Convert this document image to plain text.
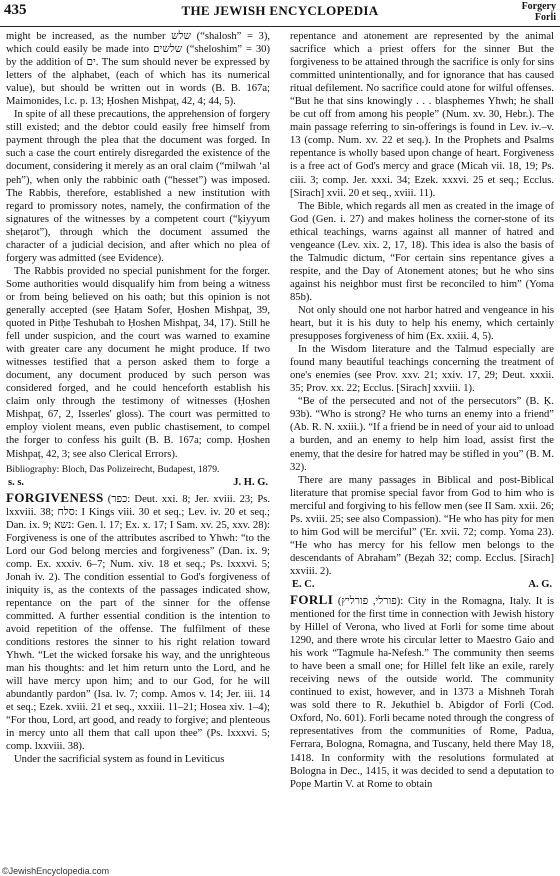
435	THE JEWISH ENCYCLOPEDIA	Forgery
Forli

might be increased, as the number שלש (“shalosh” = 3), which could easily be made into שלשים (“sheloshim” = 30) by the addition of ים. The sum should never be expressed by letters of the alphabet, (each of which has its numerical value), but should be written out in words (B. B. 167a; Maimonides, l.c. p. 13; Ḥoshen Mishpaṭ, 42, 4; 44, 5).

In spite of all these precautions, the apprehension of forgery still existed; and the debtor could easily free himself from payment through the plea that the document was forged. In such a case the court entirely disregarded the existence of the document, considering it merely as an oral claim (“milwah ‘al peh”), when only the rabbinic oath (“hesset”) was imposed. The Rabbis, therefore, established a new institution with regard to promissory notes, namely, the confirmation of the signatures of the witnesses by a competent court (“ḳiyyum sheṭarot”), through which the document assumed the character of a judicial decision, and after which no plea of forgery was admitted (see Evidence).

The Rabbis provided no special punishment for the forger. Some authorities would disqualify him from being a witness or from being believed on his oath; but this opinion is not generally accepted (see Ḥatam Sofer, Ḥoshen Mishpaṭ, 39, quoted in Pitḥe Teshubah to Ḥoshen Mishpaṭ, 34, 17). Still he fell under suspicion, and the court was warned to examine with greater care any document he might produce. If two witnesses testified that a person asked them to forge a document, any document produced by such person was considered forged, and he could henceforth establish his claim only through the testimony of witnesses (Ḥoshen Mishpaṭ, 67, 2, Isserles' gloss). The court was permitted to employ violent means, even public chastisement, to compel the forger to confess his guilt (B. B. 167a; comp. Ḥoshen Mishpaṭ, 42, 3; see also Clerical Errors).

Bibliography: Bloch, Das Polizeirecht, Budapest, 1879.

s. s.	J. H. G.

FORGIVENESS (כפר: Deut. xxi. 8; Jer. xviii. 23; Ps. lxxviii. 38; סלח: I Kings viii. 30 et seq.; Lev. iv. 20 et seq.; Dan. ix. 9; נשא: Gen. l. 17; Ex. x. 17; I Sam. xv. 25, xxv. 28): Forgiveness is one of the attributes ascribed to Yhwh: “to the Lord our God belong mercies and forgiveness” (Dan. ix. 9; comp. Ex. xxxiv. 6–7; Num. xiv. 18 et seq.; Ps. lxxxvi. 5; Jonah iv. 2). The condition essential to God's forgiveness of iniquity is, as the contexts of the passages indicated show, repentance on the part of the sinner for the offense committed. A further essential condition is the intention to avoid repetition of the offense. The fulfilment of these conditions restores the sinner to his right relation toward Yhwh. “Let the wicked forsake his way, and the unrighteous man his thoughts: and let him return unto the Lord, and he will have mercy upon him; and to our God, for he will abundantly pardon” (Isa. lv. 7; comp. Amos v. 14; Jer. iii. 14 et seq.; Ezek. xviii. 21 et seq., xxxiii. 11–21; Hosea xiv. 1–4); “For thou, Lord, art good, and ready to forgive; and plenteous in mercy unto all them that call upon thee” (Ps. lxxxvi. 5; comp. lxxviii. 38).

Under the sacrificial system as found in Leviticus

repentance and atonement are represented by the animal sacrifice which a priest offers for the sinner But the forgiveness to be attained through the sacrifice is only for sins committed unintentionally, and for ignorance that has caused ritual defilement. No sacrifice could atone for wilful offenses. “But he that sins knowingly . . . blasphemes Yhwh; he shall be cut off from among his people” (Num. xv. 30, Hebr.). The main passage referring to sin-offerings is found in Lev. iv.–v. 13 (comp. Num. xv. 22 et seq.). In the Prophets and Psalms repentance is wholly based upon change of heart. Forgiveness is a free act of God's mercy and grace (Micah vii. 18, 19; Ps. ciii. 3; comp. Jer. xxxi. 34; Ezek. xxxvi. 25 et seq.; Ecclus. [Sirach] xvii. 20 et seq., xviii. 11).

The Bible, which regards all men as created in the image of God (Gen. i. 27) and makes holiness the corner-stone of its ethical teachings, warns against all manner of hatred and vengeance (Lev. xix. 2, 17, 18). This idea is also the basis of the Talmudic dictum, “For certain sins repentance gives a respite, and the Day of Atonement atones; but he who sins against his neighbor must first be reconciled to him” (Yoma 85b).

Not only should one not harbor hatred and vengeance in his heart, but it is his duty to help his enemy, which certainly presupposes forgiveness of him (Ex. xxiii. 4, 5).

In the Wisdom literature and the Talmud especially are found many beautiful teachings concerning the treatment of one's enemies (see Prov. xxv. 21; xxiv. 17, 29; Deut. xxxii. 35; Prov. xx. 22; Ecclus. [Sirach] xxviii. 1).

“Be of the persecuted and not of the persecutors” (B. Ḳ. 93b). “Who is strong? He who turns an enemy into a friend” (Ab. R. N. xxiii.). “If a friend be in need of your aid to unload a burden, and an enemy to help him load, assist first the enemy, that the desire for hatred may be stifled in you” (B. M. 32).

There are many passages in Biblical and post-Biblical literature that promise special favor from God to him who is merciful and forgiving to his fellow men (see II Sam. xxii. 26; Ps. xviii. 25; see also Compassion). “He who has pity for men to him God will be merciful” ('Er. xvii. 72; comp. Yoma 23). “He who has mercy for his fellow men belongs to the descendants of Abraham” (Beẓah 32; comp. Ecclus. [Sirach] xxviii. 2).

E. C.	A. G.

FORLI (פורלי, פורליץ): City in the Romagna, Italy. It is mentioned for the first time in connection with Jewish history by Hillel of Verona, who lived at Forli for some time about 1290, and there wrote his circular letter to Maestro Gaio and his work “Tagmule ha-Nefesh.” The community then seems to have been a small one; for Hillel felt like an exile, rarely receiving news of the outside world. The community continued to exist, however, and in 1373 a Mishneh Torah was sold there to R. Jekuthiel b. Abigdor of Forli (Cod. Oxford, No. 601). Forli became noted through the congress of representatives from the communities of Rome, Padua, Ferrara, Bologna, Romagna, and Tuscany, held there May 18, 1418. In conformity with the resolutions formulated at Bologna in Dec., 1415, it was decided to send a deputation to Pope Martin V. at Rome to obtain

©JewishEncyclopedia.com
